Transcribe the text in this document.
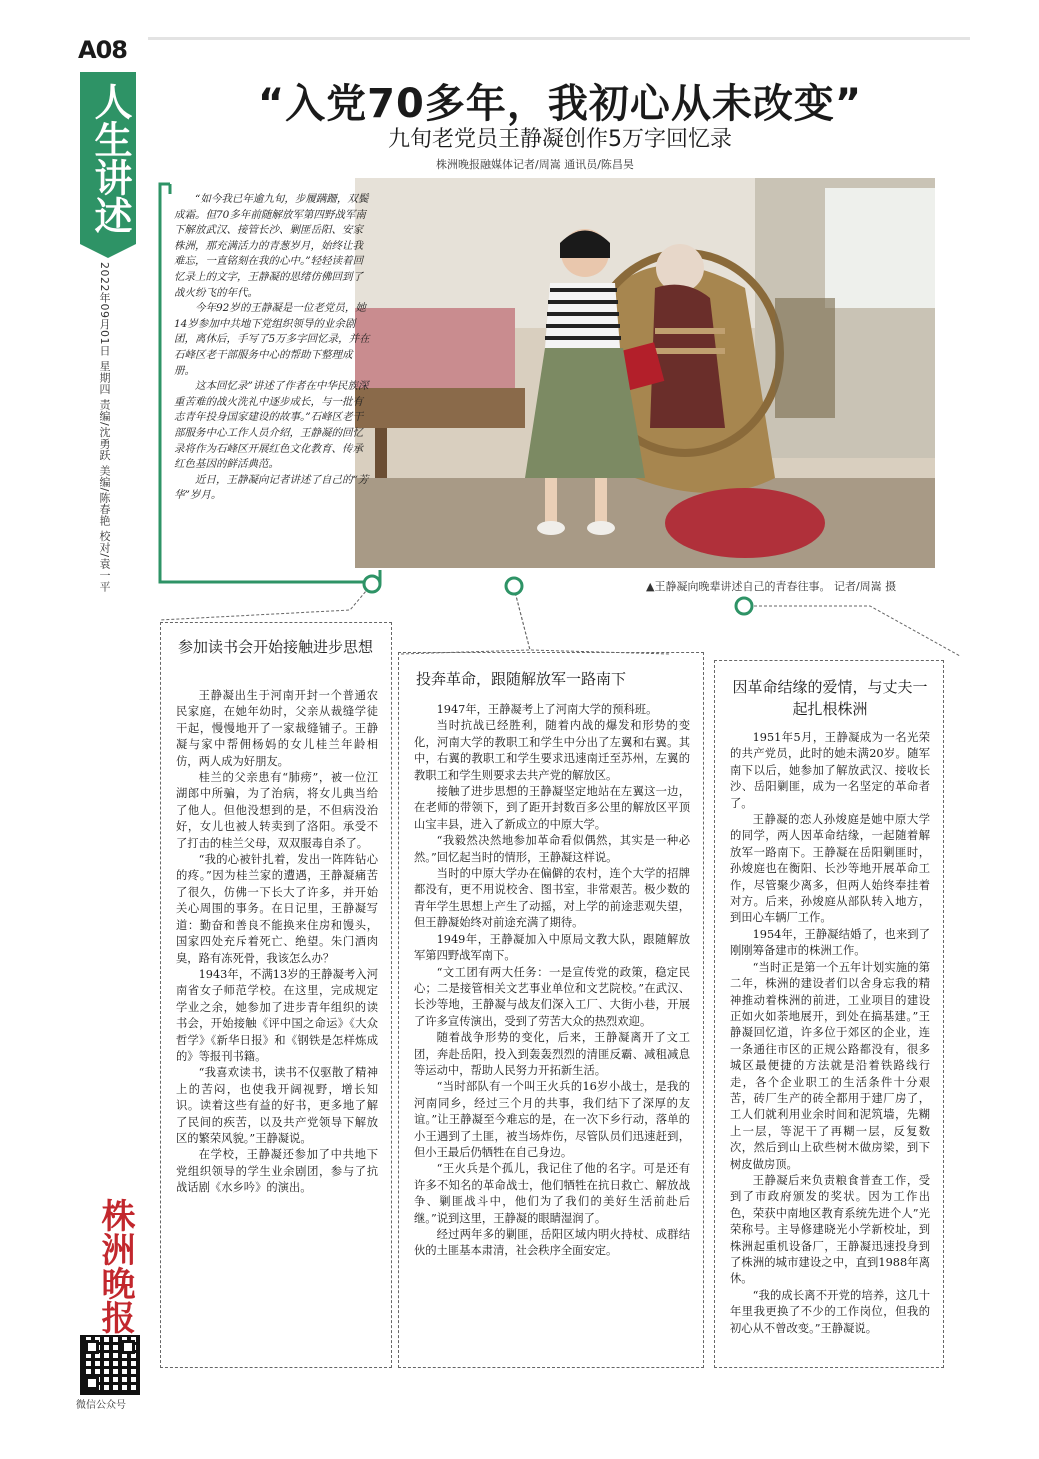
A08
人生讲述
2022年09月01日 星期四 责编/沈勇跃 美编/陈春艳 校对/袁一平
株洲晚报
微信公众号
“入党70多年，我初心从未改变”
九旬老党员王静凝创作5万字回忆录
株洲晚报融媒体记者/周嵩 通讯员/陈昌昊

“如今我已年逾九旬，步履蹒跚，双鬓成霜。但70多年前随解放军第四野战军南下解放武汉、接管长沙、剿匪岳阳、安家株洲，那充满活力的青葱岁月，始终让我难忘，一直铭刻在我的心中。”轻轻读着回忆录上的文字，王静凝的思绪仿佛回到了战火纷飞的年代。

今年92岁的王静凝是一位老党员，她14岁参加中共地下党组织领导的业余剧团，离休后，手写了5万多字回忆录，并在石峰区老干部服务中心的帮助下整理成册。

这本回忆录”讲述了作者在中华民族深重苦难的战火洗礼中逐步成长，与一批有志青年投身国家建设的故事。”石峰区老干部服务中心工作人员介绍，王静凝的回忆录将作为石峰区开展红色文化教育、传承红色基因的鲜活典范。

近日，王静凝向记者讲述了自己的“芳华”岁月。

▲王静凝向晚辈讲述自己的青春往事。 记者/周嵩 摄
参加读书会开始接触进步思想

王静凝出生于河南开封一个普通农民家庭，在她年幼时，父亲从裁缝学徒干起，慢慢地开了一家裁缝铺子。王静凝与家中帮佣杨妈的女儿桂兰年龄相仿，两人成为好朋友。

桂兰的父亲患有“肺痨”，被一位江湖郎中所骗，为了治病，将女儿典当给了他人。但他没想到的是，不但病没治好，女儿也被人转卖到了洛阳。承受不了打击的桂兰父母，双双服毒自杀了。

“我的心被针扎着，发出一阵阵钻心的疼。”因为桂兰家的遭遇，王静凝痛苦了很久，仿佛一下长大了许多，并开始关心周围的事务。在日记里，王静凝写道：勤奋和善良不能换来住房和馒头，国家四处充斥着死亡、绝望。朱门酒肉臭，路有冻死骨，我该怎么办？

1943年，不满13岁的王静凝考入河南省女子师范学校。在这里，完成规定学业之余，她参加了进步青年组织的读书会，开始接触《评中国之命运》《大众哲学》《新华日报》和《钢铁是怎样炼成的》等报刊书籍。

“我喜欢读书，读书不仅驱散了精神上的苦闷，也使我开阔视野，增长知识。读着这些有益的好书，更多地了解了民间的疾苦，以及共产党领导下解放区的繁荣风貌。”王静凝说。

在学校，王静凝还参加了中共地下党组织领导的学生业余剧团，参与了抗战话剧《水乡吟》的演出。

投奔革命，跟随解放军一路南下

1947年，王静凝考上了河南大学的预科班。

当时抗战已经胜利，随着内战的爆发和形势的变化，河南大学的教职工和学生中分出了左翼和右翼。其中，右翼的教职工和学生要求迅速南迁至苏州，左翼的教职工和学生则要求去共产党的解放区。

接触了进步思想的王静凝坚定地站在左翼这一边，在老师的带领下，到了距开封数百多公里的解放区平顶山宝丰县，进入了新成立的中原大学。

“我毅然决然地参加革命看似偶然，其实是一种必然。”回忆起当时的情形，王静凝这样说。

当时的中原大学办在偏僻的农村，连个大学的招牌都没有，更不用说校舍、图书室，非常艰苦。极少数的青年学生思想上产生了动摇，对上学的前途悲观失望，但王静凝始终对前途充满了期待。

1949年，王静凝加入中原局文教大队，跟随解放军第四野战军南下。

“文工团有两大任务：一是宣传党的政策，稳定民心；二是接管相关文艺事业单位和文艺院校。”在武汉、长沙等地，王静凝与战友们深入工厂、大街小巷，开展了许多宣传演出，受到了劳苦大众的热烈欢迎。

随着战争形势的变化，后来，王静凝离开了文工团，奔赴岳阳，投入到轰轰烈烈的清匪反霸、减租减息等运动中，帮助人民努力开拓新生活。

“当时部队有一个叫王火兵的16岁小战士，是我的河南同乡，经过三个月的共事，我们结下了深厚的友谊。”让王静凝至今难忘的是，在一次下乡行动，落单的小王遇到了土匪，被当场炸伤，尽管队员们迅速赶到，但小王最后仍牺牲在自己身边。

“王火兵是个孤儿，我记住了他的名字。可是还有许多不知名的革命战士，他们牺牲在抗日救亡、解放战争、剿匪战斗中，他们为了我们的美好生活前赴后继。”说到这里，王静凝的眼睛湿润了。

经过两年多的剿匪，岳阳区域内明火持杖、成群结伙的土匪基本肃清，社会秩序全面安定。

因革命结缘的爱情，与丈夫一起扎根株洲

1951年5月，王静凝成为一名光荣的共产党员，此时的她未满20岁。随军南下以后，她参加了解放武汉、接收长沙、岳阳剿匪，成为一名坚定的革命者了。

王静凝的恋人孙焌庭是她中原大学的同学，两人因革命结缘，一起随着解放军一路南下。王静凝在岳阳剿匪时，孙焌庭也在衡阳、长沙等地开展革命工作，尽管聚少离多，但两人始终奉挂着对方。后来，孙焌庭从部队转入地方，到田心车辆厂工作。

1954年，王静凝结婚了，也来到了刚刚筹备建市的株洲工作。

“当时正是第一个五年计划实施的第二年，株洲的建设者们以舍身忘我的精神推动着株洲的前进，工业项目的建设正如火如荼地展开，到处在搞基建。”王静凝回忆道，许多位于郊区的企业，连一条通往市区的正规公路都没有，很多城区最便捷的方法就是沿着铁路线行走，各个企业职工的生活条件十分艰苦，砖厂生产的砖全都用于建厂房了，工人们就利用业余时间和泥筑墙，先糊上一层，等泥干了再糊一层，反复数次，然后到山上砍些树木做房梁，到下树皮做房顶。

王静凝后来负责粮食普查工作，受到了市政府颁发的奖状。因为工作出色，荣获中南地区教育系统先进个人”光荣称号。主导修建晓光小学新校址，到株洲起重机设备厂，王静凝迅速投身到了株洲的城市建设之中，直到1988年离休。

“我的成长离不开党的培养，这几十年里我更换了不少的工作岗位，但我的初心从不曾改变。”王静凝说。
